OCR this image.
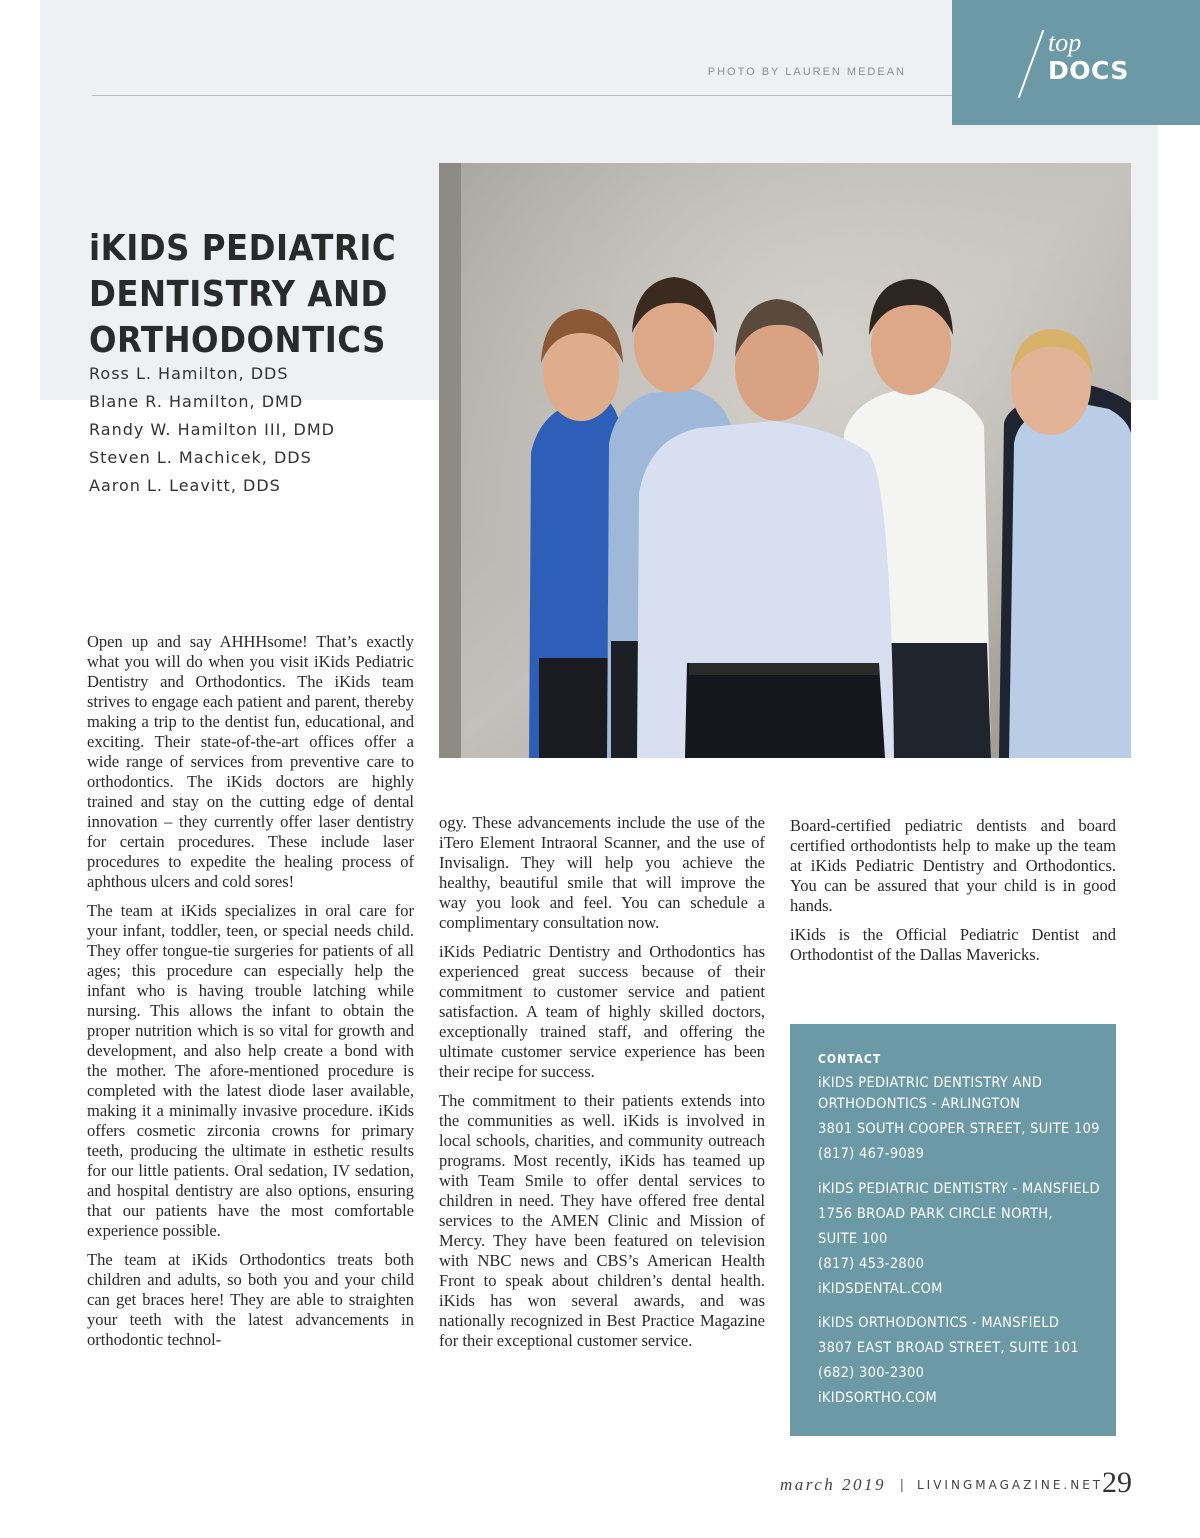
PHOTO BY LAUREN MEDEAN
top
DOCS
iKIDS PEDIATRIC DENTISTRY AND ORTHODONTICS
Ross L. Hamilton, DDS
Blane R. Hamilton, DMD
Randy W. Hamilton III, DMD
Steven L. Machicek, DDS
Aaron L. Leavitt, DDS

Open up and say AHHHsome! That’s exactly what you will do when you visit iKids Pediatric Dentistry and Orthodontics. The iKids team strives to engage each patient and parent, thereby making a trip to the dentist fun, educational, and exciting. Their state-of-the-art offices offer a wide range of services from preventive care to orthodontics. The iKids doctors are highly trained and stay on the cutting edge of dental innovation – they currently offer laser dentistry for certain procedures. These include laser procedures to expedite the healing process of aphthous ulcers and cold sores!

The team at iKids specializes in oral care for your infant, toddler, teen, or special needs child. They offer tongue-tie surgeries for patients of all ages; this procedure can especially help the infant who is having trouble latching while nursing. This allows the infant to obtain the proper nutrition which is so vital for growth and development, and also help create a bond with the mother. The afore-mentioned procedure is completed with the latest diode laser available, making it a minimally invasive procedure. iKids offers cosmetic zirconia crowns for primary teeth, producing the ultimate in esthetic results for our little patients. Oral sedation, IV sedation, and hospital dentistry are also options, ensuring that our patients have the most comfortable experience possible.

The team at iKids Orthodontics treats both children and adults, so both you and your child can get braces here! They are able to straighten your teeth with the latest advancements in orthodontic technol-

ogy. These advancements include the use of the iTero Element Intraoral Scanner, and the use of Invisalign. They will help you achieve the healthy, beautiful smile that will improve the way you look and feel. You can schedule a complimentary consultation now.

iKids Pediatric Dentistry and Orthodontics has experienced great success because of their commitment to customer service and patient satisfaction. A team of highly skilled doctors, exceptionally trained staff, and offering the ultimate customer service experience has been their recipe for success.

The commitment to their patients extends into the communities as well. iKids is involved in local schools, charities, and community outreach programs. Most recently, iKids has teamed up with Team Smile to offer dental services to children in need. They have offered free dental services to the AMEN Clinic and Mission of Mercy. They have been featured on television with NBC news and CBS’s American Health Front to speak about children’s dental health. iKids has won several awards, and was nationally recognized in Best Practice Magazine for their exceptional customer service.

Board-certified pediatric dentists and board certified orthodontists help to make up the team at iKids Pediatric Dentistry and Orthodontics. You can be assured that your child is in good hands.

iKids is the Official Pediatric Dentist and Orthodontist of the Dallas Mavericks.

CONTACT
iKIDS PEDIATRIC DENTISTRY AND
ORTHODONTICS - ARLINGTON
3801 SOUTH COOPER STREET, SUITE 109
(817) 467-9089
iKIDS PEDIATRIC DENTISTRY - MANSFIELD
1756 BROAD PARK CIRCLE NORTH,
SUITE 100
(817) 453-2800
iKIDSDENTAL.COM
iKIDS ORTHODONTICS - MANSFIELD
3807 EAST BROAD STREET, SUITE 101
(682) 300-2300
iKIDSORTHO.COM
march 2019 | LIVINGMAGAZINE.NET
29
